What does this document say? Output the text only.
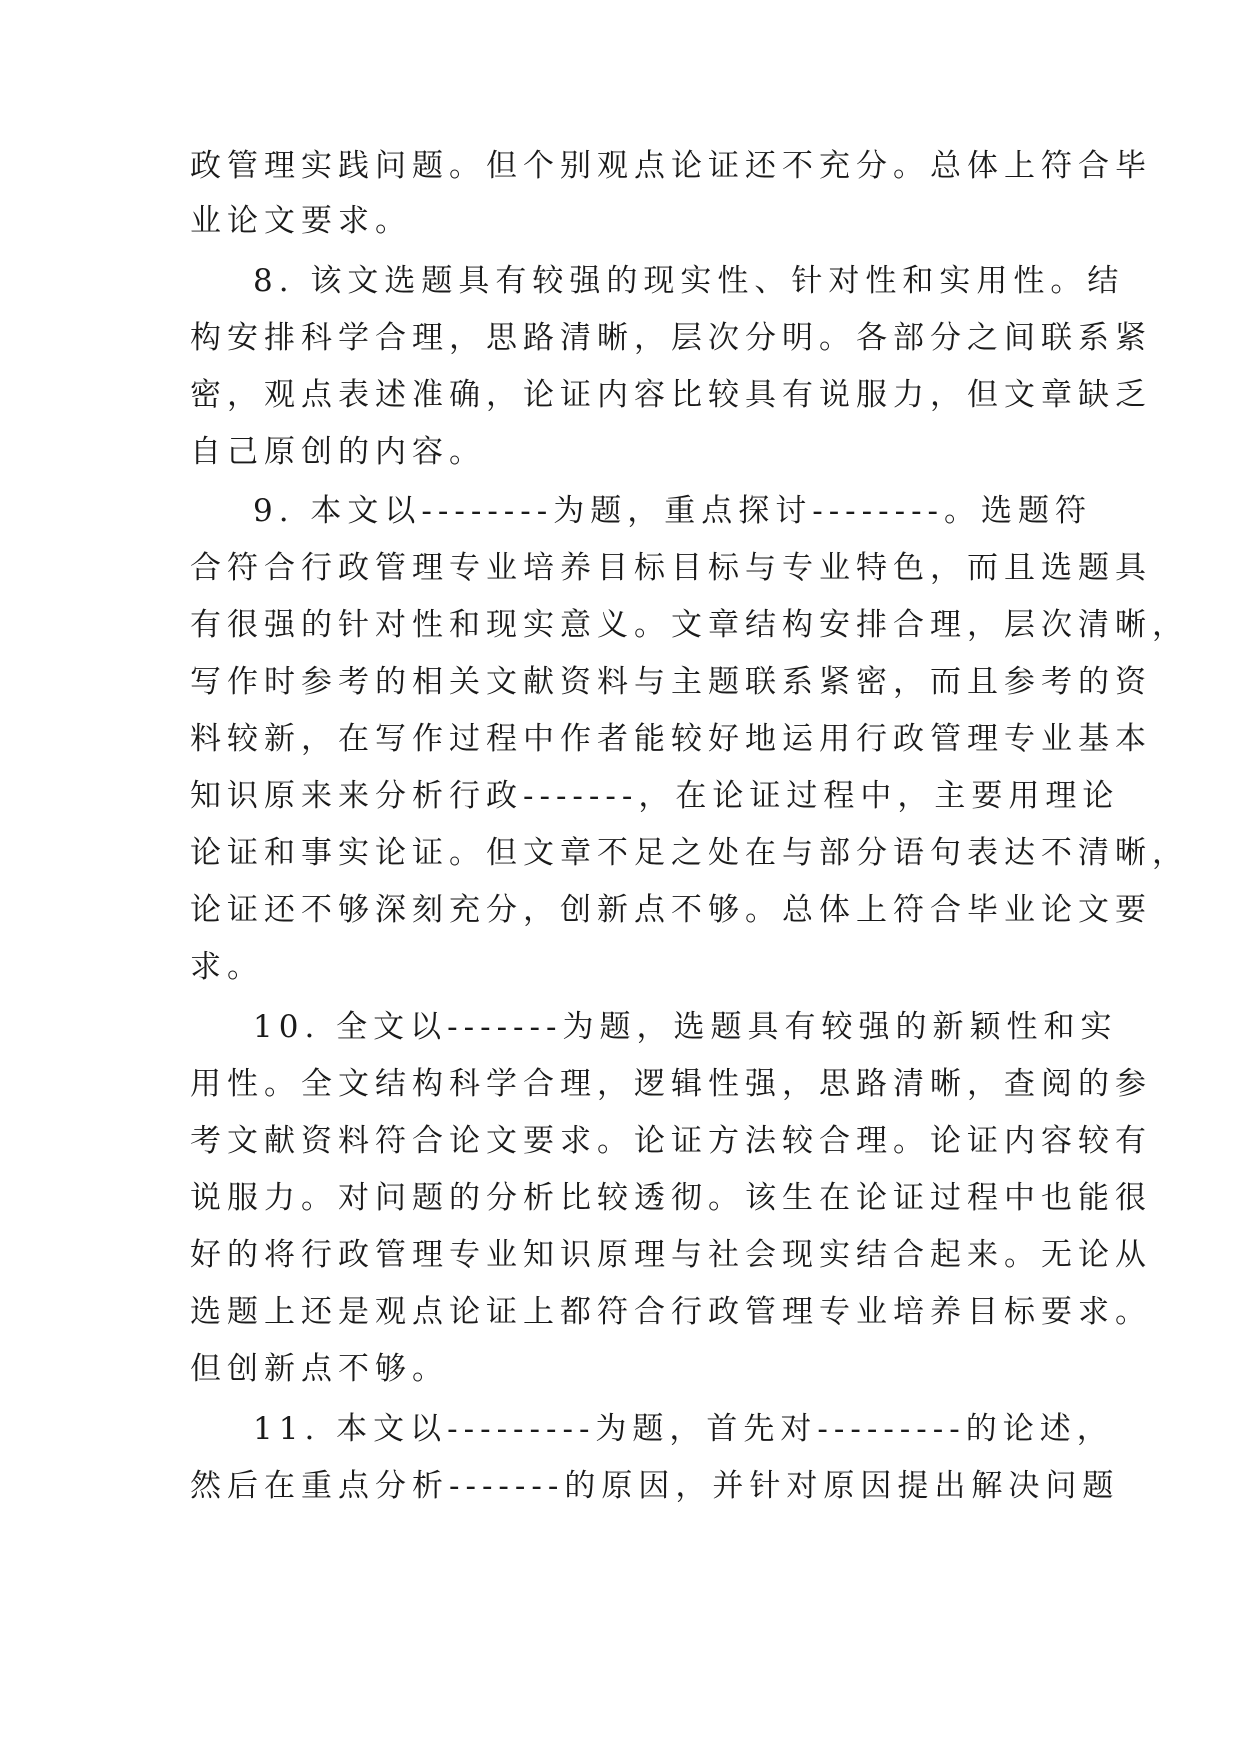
政管理实践问题。但个别观点论证还不充分。总体上符合毕
业论文要求。
8. 该文选题具有较强的现实性、针对性和实用性。结
构安排科学合理，思路清晰，层次分明。各部分之间联系紧
密，观点表述准确，论证内容比较具有说服力，但文章缺乏
自己原创的内容。
9. 本文以--------为题，重点探讨--------。选题符
合符合行政管理专业培养目标目标与专业特色，而且选题具
有很强的针对性和现实意义。文章结构安排合理，层次清晰，
写作时参考的相关文献资料与主题联系紧密，而且参考的资
料较新，在写作过程中作者能较好地运用行政管理专业基本
知识原来来分析行政-------，在论证过程中，主要用理论
论证和事实论证。但文章不足之处在与部分语句表达不清晰，
论证还不够深刻充分，创新点不够。总体上符合毕业论文要
求。
10. 全文以-------为题，选题具有较强的新颖性和实
用性。全文结构科学合理，逻辑性强，思路清晰，查阅的参
考文献资料符合论文要求。论证方法较合理。论证内容较有
说服力。对问题的分析比较透彻。该生在论证过程中也能很
好的将行政管理专业知识原理与社会现实结合起来。无论从
选题上还是观点论证上都符合行政管理专业培养目标要求。
但创新点不够。
11. 本文以---------为题，首先对---------的论述，
然后在重点分析-------的原因，并针对原因提出解决问题
